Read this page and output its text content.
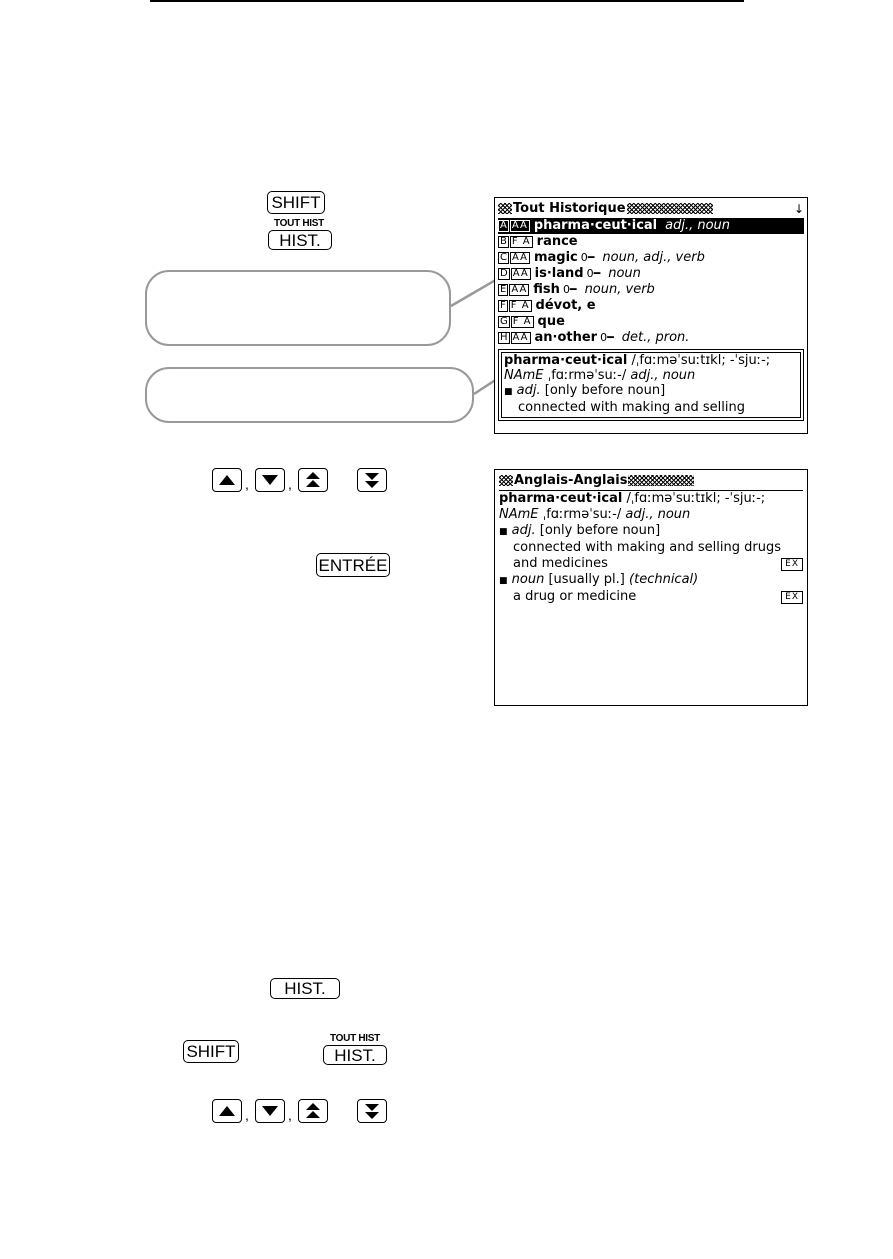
SHIFT
TOUT HIST
HIST.
Tout Historique	↓
A AA pharma·ceut·ical adj., noun
B F A r​ance
C AA magic 0━ noun, adj., verb
D AA is·land 0━ noun
E AA fish 0━ noun, verb
F F A dévot, e
G F A que
H AA an·other 0━ det., pron.
pharma·ceut·ical /ˌfɑːməˈsuːtɪkl; -ˈsjuː-;
NAmE ˌfɑːrməˈsuː-/ adj., noun
■ adj. [only before noun]
connected with making and selling
,	,
ENTRÉE
Anglais-Anglais
pharma·ceut·ical /ˌfɑːməˈsuːtɪkl; -ˈsjuː-;
NAmE ˌfɑːrməˈsuː-/ adj., noun
■ adj. [only before noun]
connected with making and selling drugs
and medicines	EX
■ noun [usually pl.] (technical)
a drug or medicine	EX
HIST.
SHIFT
TOUT HIST
HIST.
,	,
